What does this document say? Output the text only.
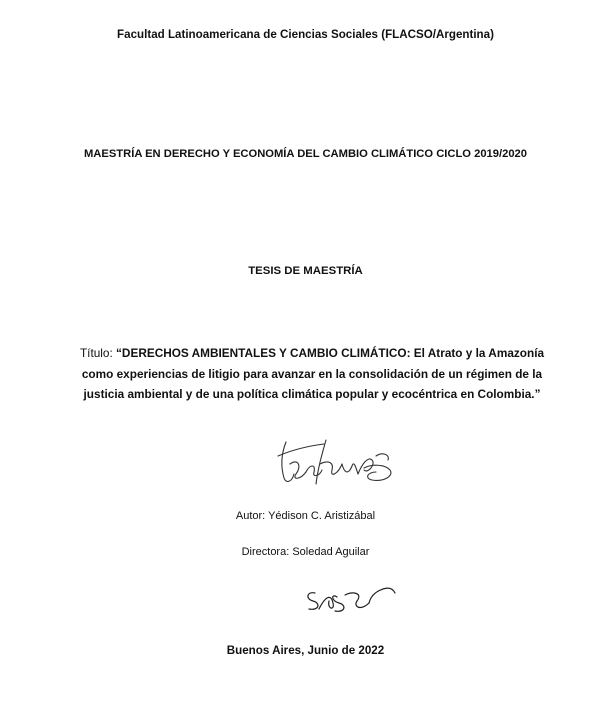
Facultad Latinoamericana de Ciencias Sociales (FLACSO/Argentina)
MAESTRÍA EN DERECHO Y ECONOMÍA DEL CAMBIO CLIMÁTICO CICLO 2019/2020
TESIS DE MAESTRÍA
Título: “DERECHOS AMBIENTALES Y CAMBIO CLIMÁTICO: El Atrato y la Amazonía
como experiencias de litigio para avanzar en la consolidación de un régimen de la
justicia ambiental y de una política climática popular y ecocéntrica en Colombia.”
Autor: Yédison C. Aristizábal
Directora: Soledad Aguilar
Buenos Aires, Junio de 2022
